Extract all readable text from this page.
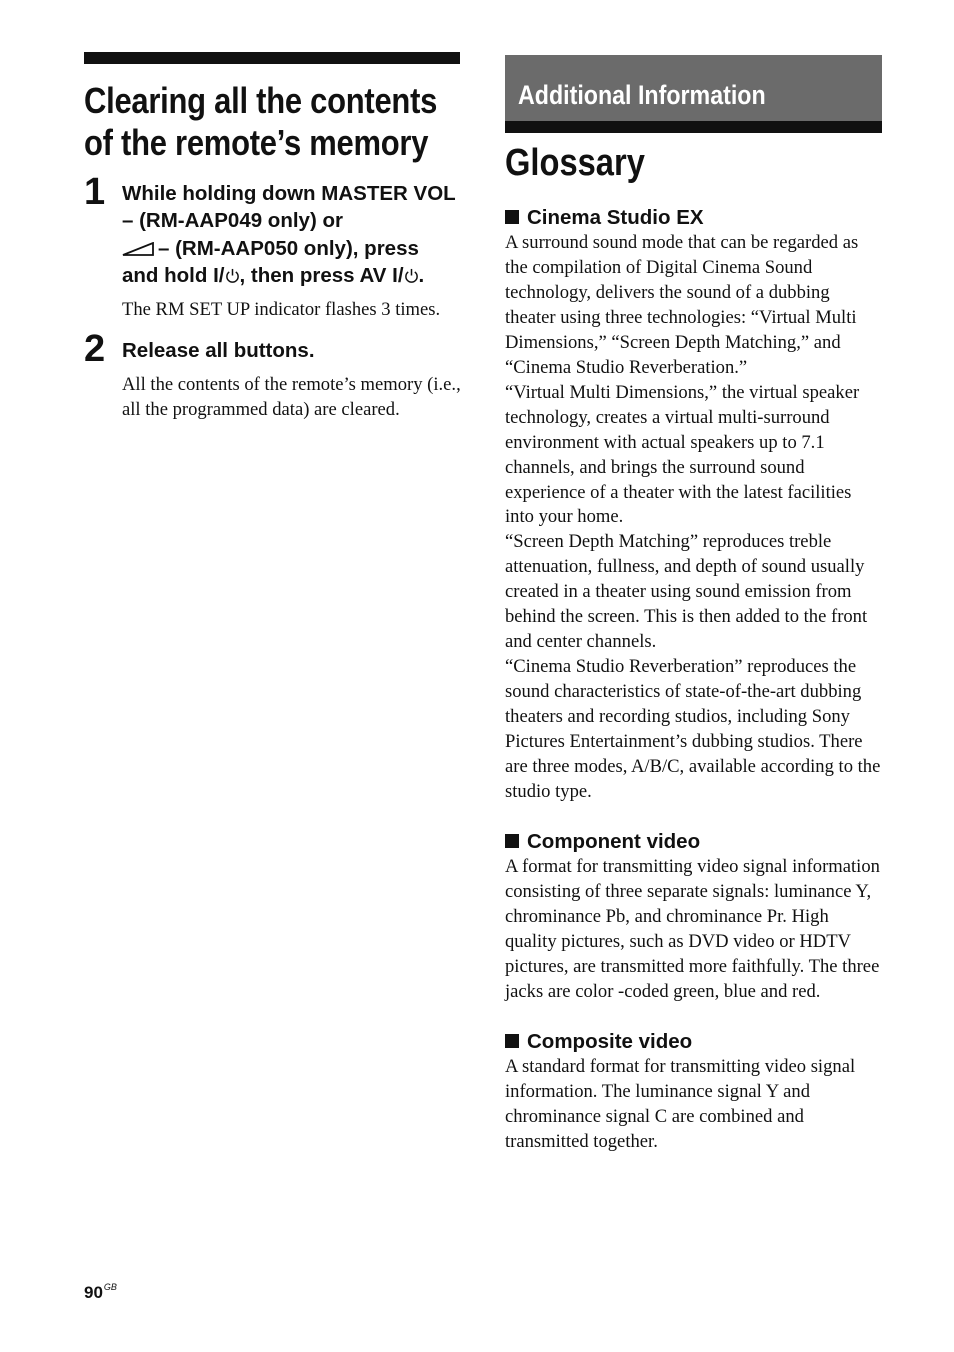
Clearing all the contents of the remote’s memory
1 While holding down MASTER VOL – (RM-AAP049 only) or

– (RM-AAP050 only), press and hold I/ , then press AV I/ .
The RM SET UP indicator flashes 3 times.
2 Release all buttons.
All the contents of the remote’s memory (i.e., all the programmed data) are cleared.
Additional Information
Glossary
Cinema Studio EX

A surround sound mode that can be regarded as the compilation of Digital Cinema Sound technology, delivers the sound of a dubbing theater using three technologies: “Virtual Multi Dimensions,” “Screen Depth Matching,” and “Cinema Studio Reverberation.”

“Virtual Multi Dimensions,” the virtual speaker technology, creates a virtual multi-surround environment with actual speakers up to 7.1 channels, and brings the surround sound experience of a theater with the latest facilities into your home.

“Screen Depth Matching” reproduces treble attenuation, fullness, and depth of sound usually created in a theater using sound emission from behind the screen. This is then added to the front and center channels.

“Cinema Studio Reverberation” reproduces the sound characteristics of state-of-the-art dubbing theaters and recording studios, including Sony Pictures Entertainment’s dubbing studios. There are three modes, A/B/C, available according to the studio type.

Component video

A format for transmitting video signal information consisting of three separate signals: luminance Y, chrominance Pb, and chrominance Pr. High quality pictures, such as DVD video or HDTV pictures, are transmitted more faithfully. The three jacks are color -coded green, blue and red.

Composite video

A standard format for transmitting video signal information. The luminance signal Y and chrominance signal C are combined and transmitted together.

$90^{GB}$
